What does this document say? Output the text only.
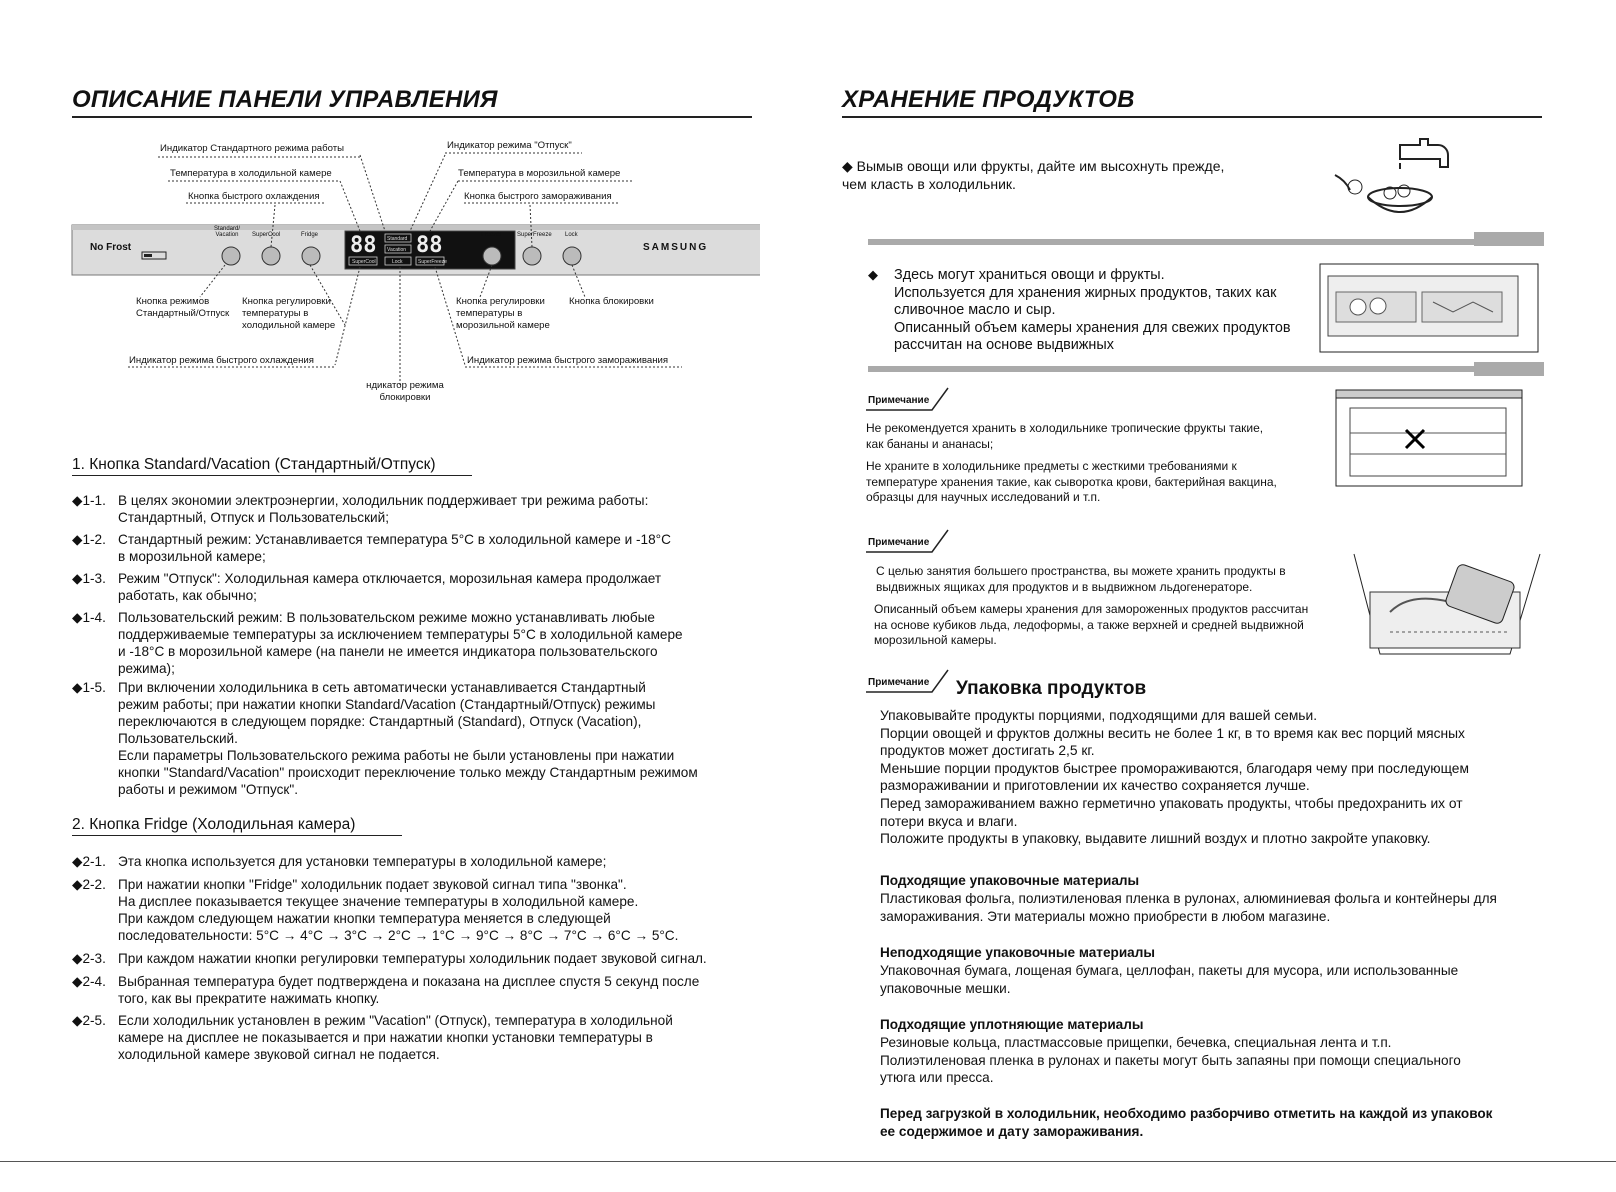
ОПИСАНИЕ ПАНЕЛИ УПРАВЛЕНИЯ
No Frost	SAMSUNG
Standard/
Vacation	SuperCool	Fridge	Freezer	SuperFreeze Lock
88 88
Standard
Vacation
SuperCool	Lock	SuperFreeze
Индикатор Стандартного режима работы
Температура в холодильной камере
Кнопка быстрого охлаждения
Индикатор режима "Отпуск"
Температура в морозильной камере
Кнопка быстрого замораживания
Кнопка режимов
Стандартный/Отпуск
Кнопка регулировки
температуры в
холодильной камере
Кнопка регулировки
температуры в
морозильной камере
Кнопка блокировки
Индикатор режима быстрого охлаждения	Индикатор режима быстрого замораживания
ндикатор режима
блокировки
1. Кнопка Standard/Vacation (Стандартный/Отпуск)
◆1-1. В целях экономии электроэнергии, холодильник поддерживает три режима работы:
Стандартный, Отпуск и Пользовательский;
◆1-2. Стандартный режим: Устанавливается температура 5°C в холодильной камере и -18°C
в морозильной камере;
◆1-3. Режим "Отпуск": Холодильная камера отключается, морозильная камера продолжает
работать, как обычно;
◆1-4. Пользовательский режим: В пользовательском режиме можно устанавливать любые
поддерживаемые температуры за исключением температуры 5°C в холодильной камере
и -18°C в морозильной камере (на панели не имеется индикатора пользовательского
режима);
◆1-5. При включении холодильника в сеть автоматически устанавливается Стандартный
режим работы; при нажатии кнопки Standard/Vacation (Стандартный/Отпуск) режимы
переключаются в следующем порядке: Стандартный (Standard), Отпуск (Vacation),
Пользовательский.
Если параметры Пользовательского режима работы не были установлены при нажатии
кнопки "Standard/Vacation" происходит переключение только между Стандартным режимом
работы и режимом "Отпуск".
2. Кнопка Fridge (Холодильная камера)
◆2-1. Эта кнопка используется для установки температуры в холодильной камере;
◆2-2. При нажатии кнопки "Fridge" холодильник подает звуковой сигнал типа "звонка".
На дисплее показывается текущее значение температуры в холодильной камере.
При каждом следующем нажатии кнопки температура меняется в следующей
последовательности: 5°C → 4°C → 3°C → 2°C → 1°C → 9°C → 8°C → 7°C → 6°C → 5°C.
◆2-3. При каждом нажатии кнопки регулировки температуры холодильник подает звуковой сигнал.
◆2-4. Выбранная температура будет подтверждена и показана на дисплее спустя 5 секунд после
того, как вы прекратите нажимать кнопку.
◆2-5. Если холодильник установлен в режим "Vacation" (Отпуск), температура в холодильной
камере на дисплее не показывается и при нажатии кнопки установки температуры в
холодильной камере звуковой сигнал не подается.
ХРАНЕНИЕ ПРОДУКТОВ
◆ Вымыв овощи или фрукты, дайте им высохнуть прежде,
чем класть в холодильник.
◆ Здесь могут храниться овощи и фрукты.
Используется для хранения жирных продуктов, таких как
сливочное масло и сыр.
Описанный объем камеры хранения для свежих продуктов
рассчитан на основе выдвижных
Примечание
Не рекомендуется хранить в холодильнике тропические фрукты такие,
как бананы и ананасы;
Не храните в холодильнике предметы с жесткими требованиями к
температуре хранения такие, как сыворотка крови, бактерийная вакцина,
образцы для научных исследований и т.п.
Примечание
С целью занятия большего пространства, вы можете хранить продукты в
выдвижных ящиках для продуктов и в выдвижном льдогенераторе.
Описанный объем камеры хранения для замороженных продуктов рассчитан
на основе кубиков льда, ледоформы, а также верхней и средней выдвижной
морозильной камеры.
Примечание Упаковка продуктов
Упаковывайте продукты порциями, подходящими для вашей семьи.
Порции овощей и фруктов должны весить не более 1 кг, в то время как вес порций мясных
продуктов может достигать 2,5 кг.
Меньшие порции продуктов быстрее промораживаются, благодаря чему при последующем
размораживании и приготовлении их качество сохраняется лучше.
Перед замораживанием важно герметично упаковать продукты, чтобы предохранить их от
потери вкуса и влаги.
Положите продукты в упаковку, выдавите лишний воздух и плотно закройте упаковку.
Подходящие упаковочные материалы
Пластиковая фольга, полиэтиленовая пленка в рулонах, алюминиевая фольга и контейнеры для
замораживания. Эти материалы можно приобрести в любом магазине.
Неподходящие упаковочные материалы
Упаковочная бумага, лощеная бумага, целлофан, пакеты для мусора, или использованные
упаковочные мешки.
Подходящие уплотняющие материалы
Резиновые кольца, пластмассовые прищепки, бечевка, специальная лента и т.п.
Полиэтиленовая пленка в рулонах и пакеты могут быть запаяны при помощи специального
утюга или пресса.
Перед загрузкой в холодильник, необходимо разборчиво отметить на каждой из упаковок
ее содержимое и дату замораживания.
